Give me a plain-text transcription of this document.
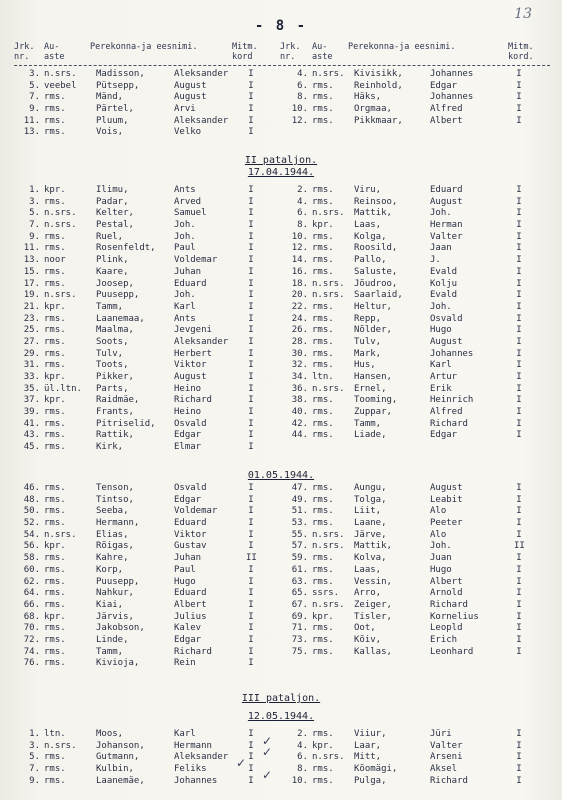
- 8 -
13
Jrk. nr.
Au- aste
Perekonna-ja eesnimi.	Mitm. kord
Jrk. nr.
Au- aste
Perekonna-ja eesnimi.	Mitm. kord.
3. n.srs. Madisson,	Aleksander I	4. n.srs. Kivisikk,	Johannes	I
5. veebel Pütsepp,	August	I	6. rms. Reinhold,	Edgar	I
7. rms.	Mänd,	August	I	8. rms. Häks,	Johannes	I
9. rms.	Pärtel,	Arvi	I	10. rms. Orgmaa,	Alfred	I
11. rms.	Pluum,	Aleksander I	12. rms. Pikkmaar,	Albert	I
13. rms.	Vois,	Velko	I
II pataljon.
17.04.1944.
1. kpr.	Ilimu,	Ants	I	2. rms. Viru,	Eduard	I
3. rms.	Padar,	Arved	I	4. rms. Reinsoo,	August	I
5. n.srs. Kelter,	Samuel	I	6. n.srs. Mattik,	Joh.	I
7. n.srs. Pestal,	Joh.	I	8. kpr. Laas,	Herman	I
9. rms.	Ruel,	Joh.	I	10. rms. Kolga,	Valter	I
11. rms.	Rosenfeldt, Paul	I	12. rms. Roosild,	Jaan	I
13. noor	Plink,	Voldemar	I	14. rms. Pallo,	J.	I
15. rms.	Kaare,	Juhan	I	16. rms. Saluste,	Evald	I
17. rms.	Joosep,	Eduard	I	18. n.srs. Jõudroo,	Kolju	I
19. n.srs. Puusepp,	Joh.	I	20. n.srs. Saarlaid,	Evald	I
21. kpr.	Tamm,	Karl	I	22. rms. Heltur,	Joh.	I
23. rms.	Laanemaa,	Ants	I	24. rms. Repp,	Osvald	I
25. rms.	Maalma,	Jevgeni	I	26. rms. Nõlder,	Hugo	I
27. rms.	Soots,	Aleksander I	28. rms. Tulv,	August	I
29. rms.	Tulv,	Herbert	I	30. rms. Mark,	Johannes	I
31. rms.	Toots,	Viktor	I	32. rms. Hus,	Karl	I
33. kpr.	Pikker,	August	I	34. ltn. Hansen,	Artur	I
35. ül.ltn. Parts,	Heino	I	36. n.srs. Ernel,	Erik	I
37. kpr.	Raidmäe,	Richard	I	38. rms. Tooming,	Heinrich	I
39. rms.	Frants,	Heino	I	40. rms. Zuppar,	Alfred	I
41. rms.	Pitriselid, Osvald	I	42. rms. Tamm,	Richard	I
43. rms.	Rattik,	Edgar	I	44. rms. Liade,	Edgar	I
45. rms.	Kirk,	Elmar	I
01.05.1944.
46. rms.	Tenson,	Osvald	I	47. rms. Aungu,	August	I
48. rms.	Tintso,	Edgar	I	49. rms. Tolga,	Leabit	I
50. rms.	Seeba,	Voldemar	I	51. rms. Liit,	Alo	I
52. rms.	Hermann,	Eduard	I	53. rms. Laane,	Peeter	I
54. n.srs. Elias,	Viktor	I	55. n.srs. Järve,	Alo	I
56. kpr.	Rõigas,	Gustav	I	57. n.srs. Mattik,	Joh.	II
58. rms.	Kahre,	Juhan	II	59. rms. Kolva,	Juan	I
60. rms.	Korp,	Paul	I	61. rms. Laas,	Hugo	I
62. rms.	Puusepp,	Hugo	I	63. rms. Vessin,	Albert	I
64. rms.	Nahkur,	Eduard	I	65. ssrs. Arro,	Arnold	I
66. rms.	Kiai,	Albert	I	67. n.srs. Zeiger,	Richard	I
68. kpr.	Järvis,	Julius	I	69. kpr. Tisler,	Kornelius	I
70. rms.	Jakobson,	Kalev	I	71. rms. Oot,	Leopld	I
72. rms.	Linde,	Edgar	I	73. rms. Kõiv,	Erich	I
74. rms.	Tamm,	Richard	I	75. rms. Kallas,	Leonhard	I
76. rms.	Kivioja,	Rein	I
III pataljon.
12.05.1944.
1. ltn.	Moos,	Karl	I	2. rms. Viiur,	Jüri	I
3. n.srs. Johanson,	Hermann	I	4. kpr. Laar,	Valter	I
5. rms.	Gutmann,	Aleksander I	6. n.srs. Mitt,	Arseni	I
7. rms.	Kulbin,	Feliks	I	8. rms. Kõomägi,	Aksel	I
9. rms.	Laanemäe,	Johannes	I	10. rms. Pulga,	Richard	I
✓
✓
✓
✓
